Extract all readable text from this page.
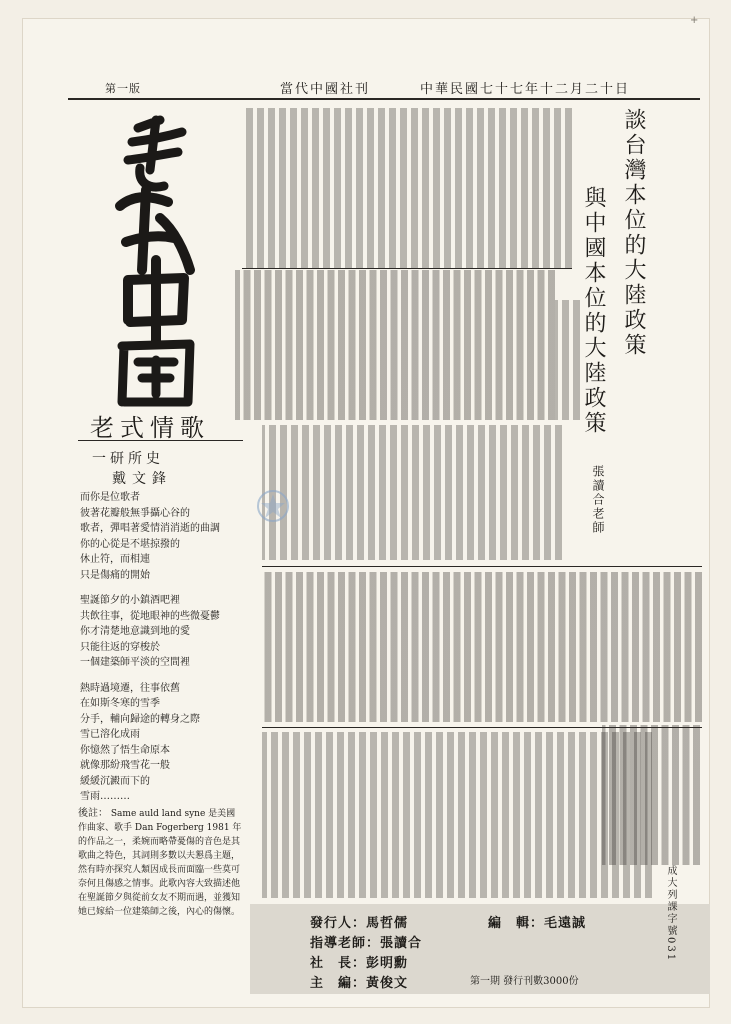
+
中華民國七十七年十二月二十日
當代中國社刊
第一版
老式情歌
一研所史
戴文鋒

而你是位歌者

彼著花瓣般無爭攝心谷的

歌者，彈唱著愛情消消逝的曲調

你的心從是不堪掠撥的

休止符，而相連

只是傷痛的開始

聖誕節夕的小鎮酒吧裡

共飲往事，從地眼神的些微憂鬱

你才清楚地意識到地的愛

只能往返的穿梭於

一個建築師平淡的空間裡

熱時過境遷，往事依舊

在如斯冬寒的雪季

分手，輔向歸途的轉身之際

雪已溶化成雨

你憶然了悟生命原本

就像那紛飛雪花一般

緩緩沉澱而下的

雪雨………

後註： Same auld land syne 是美國作曲家、歌手 Dan Fogerberg 1981 年的作品之一，柔婉而略帶憂傷的音色是其歌曲之特色，其詞則多數以夫懇爲主題，然有時亦探究人類因成長而面臨一些莫可奈何且傷感之情事。此歌內容大致描述他在聖誕節夕與從前女友不期而遇，並獲知她已嫁給一位建築師之後，內心的傷懷。
談台灣本位的大陸政策
與中國本位的大陸政策
張讀合老師
發行人：馬哲儒
指導老師：張讀合
社　長：彭明勳
主　編：黃俊文
編　輯：毛遠誠
第一期 發行刊數3000份
成大列課字號031
